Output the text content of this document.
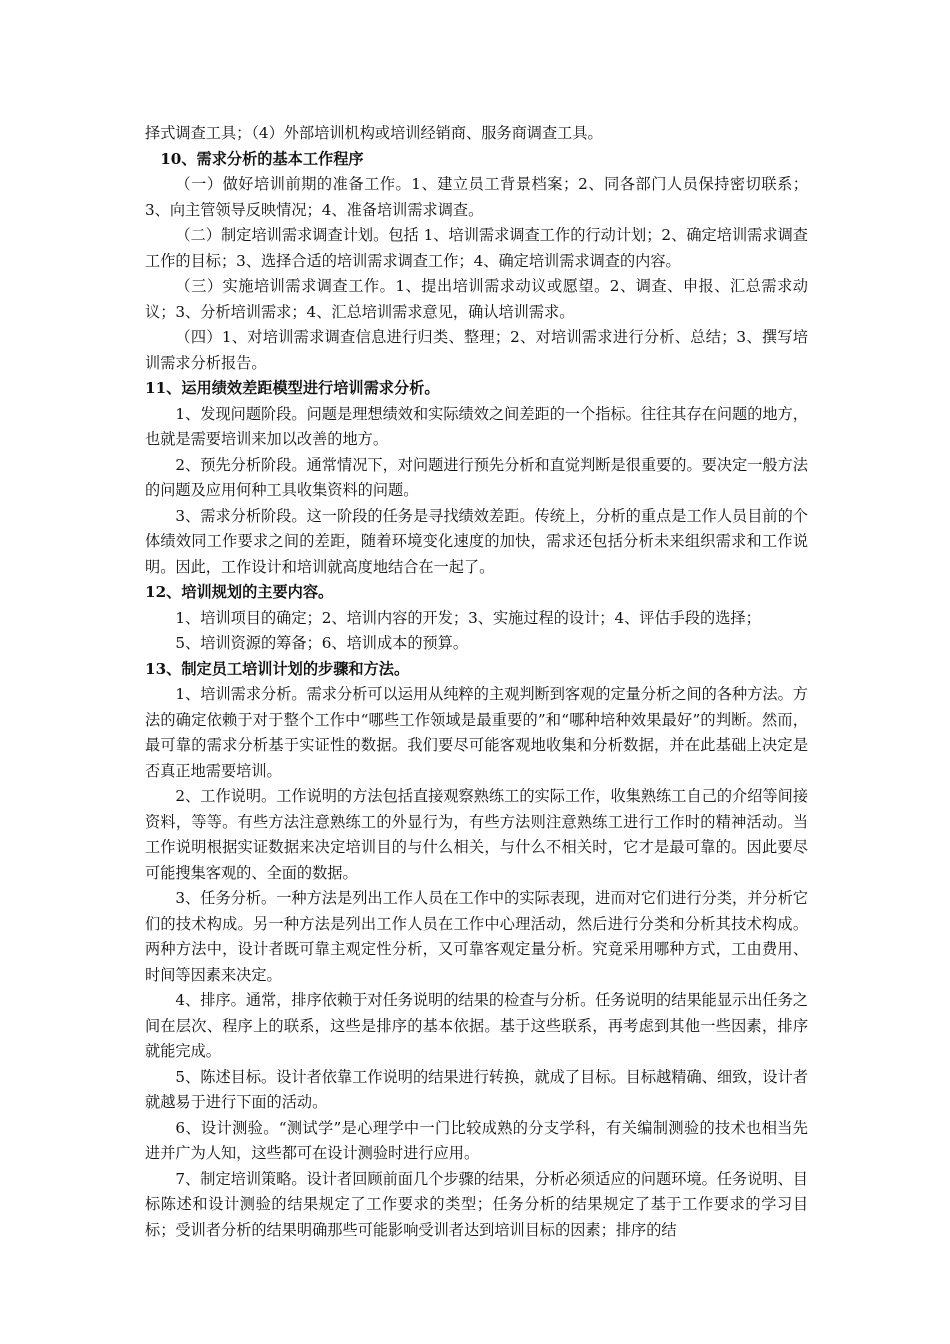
择式调查工具；（4）外部培训机构或培训经销商、服务商调查工具。

10、需求分析的基本工作程序

（一）做好培训前期的准备工作。1、建立员工背景档案；2、同各部门人员保持密切联系；3、向主管领导反映情况；4、准备培训需求调查。

（二）制定培训需求调查计划。包括 1、培训需求调查工作的行动计划；2、确定培训需求调查工作的目标；3、选择合适的培训需求调查工作；4、确定培训需求调查的内容。

（三）实施培训需求调查工作。1、提出培训需求动议或愿望。2、调查、申报、汇总需求动议；3、分析培训需求；4、汇总培训需求意见，确认培训需求。

（四）1、对培训需求调查信息进行归类、整理；2、对培训需求进行分析、总结；3、撰写培训需求分析报告。

11、运用绩效差距模型进行培训需求分析。

1、发现问题阶段。问题是理想绩效和实际绩效之间差距的一个指标。往往其存在问题的地方，也就是需要培训来加以改善的地方。

2、预先分析阶段。通常情况下，对问题进行预先分析和直觉判断是很重要的。要决定一般方法的问题及应用何种工具收集资料的问题。

3、需求分析阶段。这一阶段的任务是寻找绩效差距。传统上，分析的重点是工作人员目前的个体绩效同工作要求之间的差距，随着环境变化速度的加快，需求还包括分析未来组织需求和工作说明。因此，工作设计和培训就高度地结合在一起了。

12、培训规划的主要内容。

1、培训项目的确定；2、培训内容的开发；3、实施过程的设计；4、评估手段的选择；

5、培训资源的筹备；6、培训成本的预算。

13、制定员工培训计划的步骤和方法。

1、培训需求分析。需求分析可以运用从纯粹的主观判断到客观的定量分析之间的各种方法。方法的确定依赖于对于整个工作中“哪些工作领域是最重要的”和“哪种培种效果最好”的判断。然而，最可靠的需求分析基于实证性的数据。我们要尽可能客观地收集和分析数据，并在此基础上决定是否真正地需要培训。

2、工作说明。工作说明的方法包括直接观察熟练工的实际工作，收集熟练工自己的介绍等间接资料，等等。有些方法注意熟练工的外显行为，有些方法则注意熟练工进行工作时的精神活动。当工作说明根据实证数据来决定培训目的与什么相关，与什么不相关时，它才是最可靠的。因此要尽可能搜集客观的、全面的数据。

3、任务分析。一种方法是列出工作人员在工作中的实际表现，进而对它们进行分类，并分析它们的技术构成。另一种方法是列出工作人员在工作中心理活动，然后进行分类和分析其技术构成。两种方法中，设计者既可靠主观定性分析，又可靠客观定量分析。究竟采用哪种方式，工由费用、时间等因素来决定。

4、排序。通常，排序依赖于对任务说明的结果的检查与分析。任务说明的结果能显示出任务之间在层次、程序上的联系，这些是排序的基本依据。基于这些联系，再考虑到其他一些因素，排序就能完成。

5、陈述目标。设计者依靠工作说明的结果进行转换，就成了目标。目标越精确、细致，设计者就越易于进行下面的活动。

6、设计测验。“测试学”是心理学中一门比较成熟的分支学科，有关编制测验的技术也相当先进并广为人知，这些都可在设计测验时进行应用。

7、制定培训策略。设计者回顾前面几个步骤的结果，分析必须适应的问题环境。任务说明、目标陈述和设计测验的结果规定了工作要求的类型；任务分析的结果规定了基于工作要求的学习目标；受训者分析的结果明确那些可能影响受训者达到培训目标的因素；排序的结
